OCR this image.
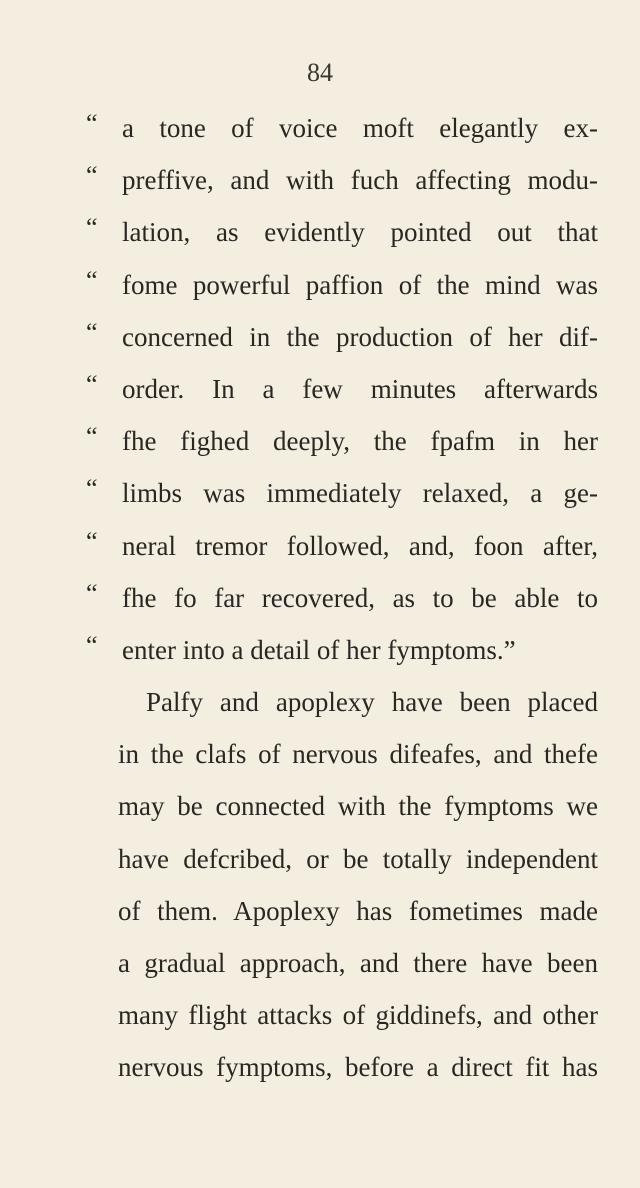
84
“ a tone of voice moft elegantly ex-
“ preffive, and with fuch affecting modu-
“ lation, as evidently pointed out that
“ fome powerful paffion of the mind was
“ concerned in the production of her dif-
“ order. In a few minutes afterwards
“ fhe fighed deeply, the fpafm in her
“ limbs was immediately relaxed, a ge-
“ neral tremor followed, and, foon after,
“ fhe fo far recovered, as to be able to
“ enter into a detail of her fymptoms.”
Palfy and apoplexy have been placed
in the clafs of nervous difeafes, and thefe
may be connected with the fymptoms we
have defcribed, or be totally independent
of them. Apoplexy has fometimes made
a gradual approach, and there have been
many flight attacks of giddinefs, and other
nervous fymptoms, before a direct fit has
